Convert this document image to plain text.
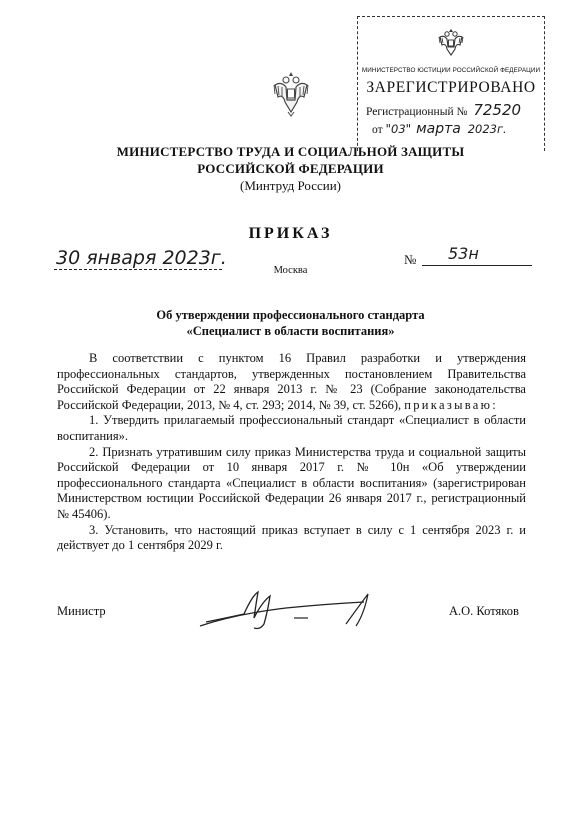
МИНИСТЕРСТВО ЮСТИЦИИ РОССИЙСКОЙ ФЕДЕРАЦИИ
ЗАРЕГИСТРИРОВАНО
Регистрационный № 72520
от "03" марта 2023г.
МИНИСТЕРСТВО ТРУДА И СОЦИАЛЬНОЙ ЗАЩИТЫ
РОССИЙСКОЙ ФЕДЕРАЦИИ
(Минтруд России)
ПРИКАЗ
30 января 2023г.
Москва
№ 53н
Об утверждении профессионального стандарта
«Специалист в области воспитания»

В соответствии с пунктом 16 Правил разработки и утверждения профессиональных стандартов, утвержденных постановлением Правительства Российской Федерации от 22 января 2013 г. № 23 (Собрание законодательства Российской Федерации, 2013, № 4, ст. 293; 2014, № 39, ст. 5266), приказываю:

1. Утвердить прилагаемый профессиональный стандарт «Специалист в области воспитания».

2. Признать утратившим силу приказ Министерства труда и социальной защиты Российской Федерации от 10 января 2017 г. № 10н «Об утверждении профессионального стандарта «Специалист в области воспитания» (зарегистрирован Министерством юстиции Российской Федерации 26 января 2017 г., регистрационный № 45406).

3. Установить, что настоящий приказ вступает в силу с 1 сентября 2023 г. и действует до 1 сентября 2029 г.

Министр	А.О. Котяков
